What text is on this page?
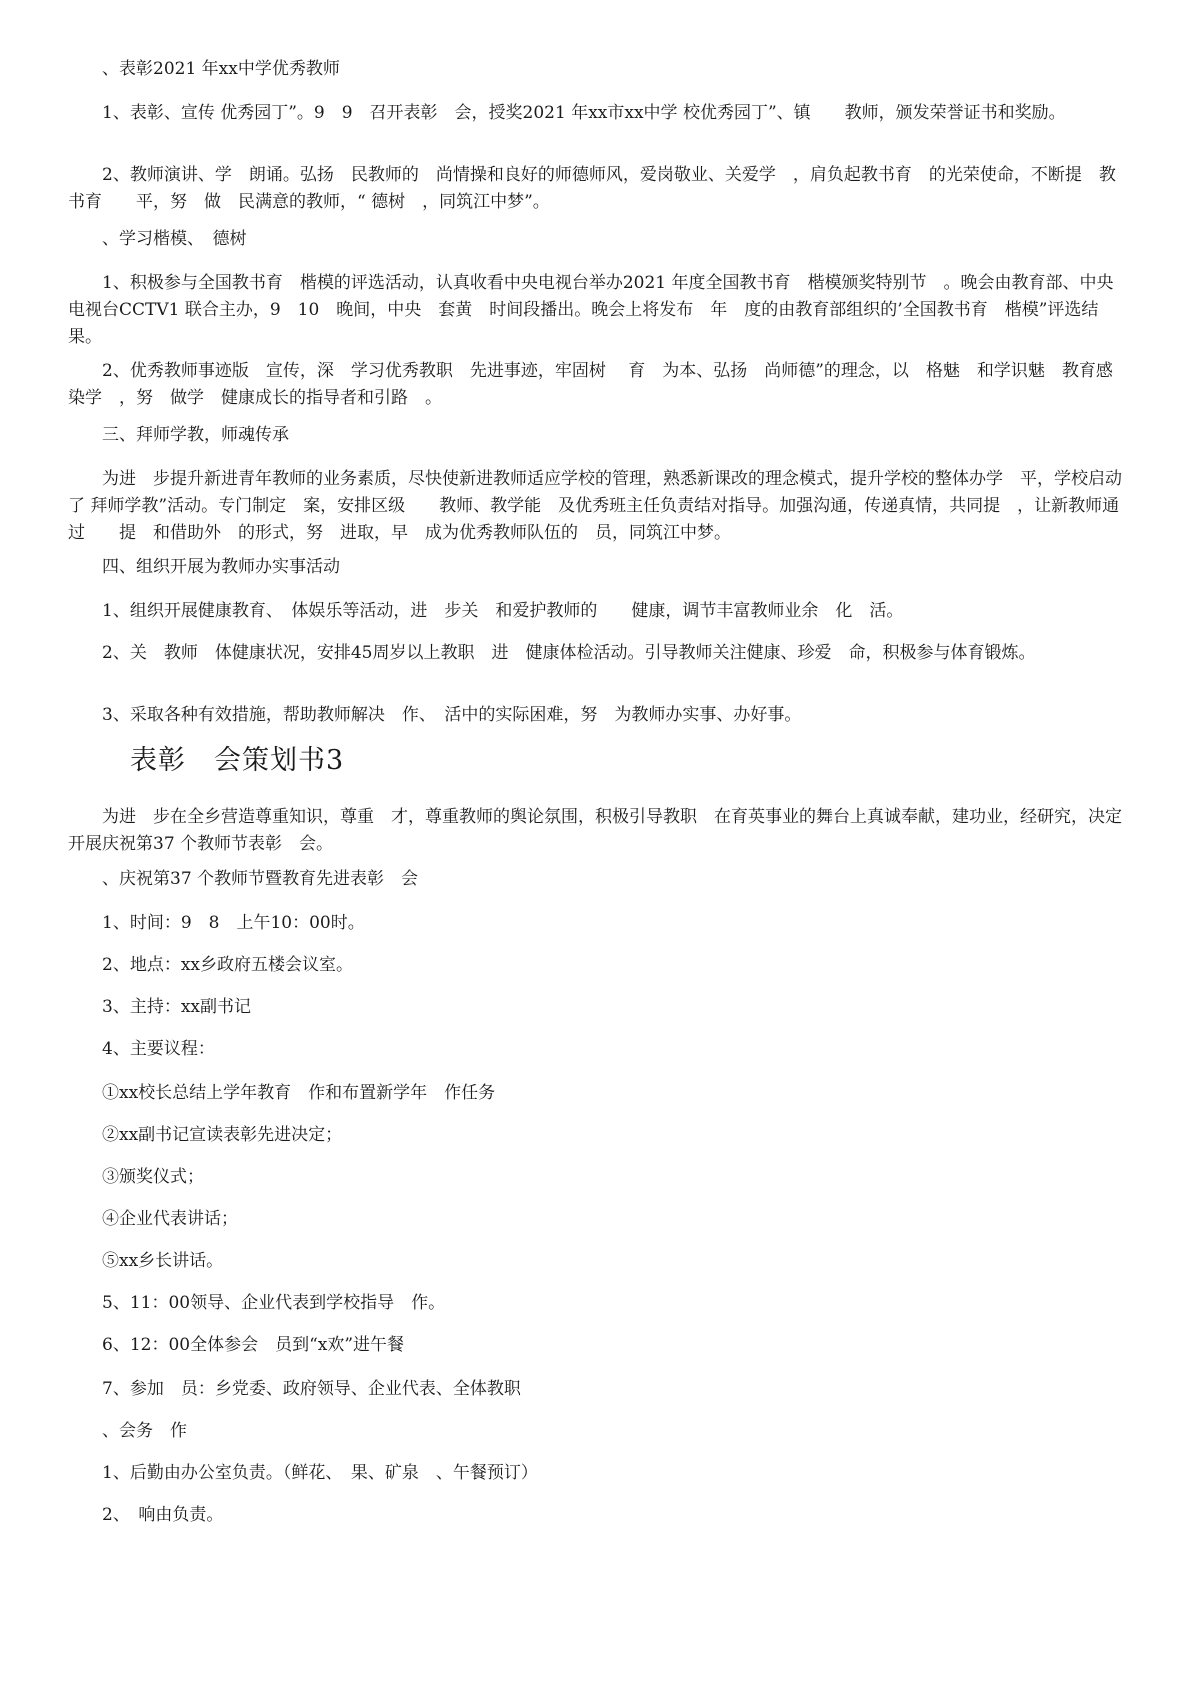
　　、表彰2021 年xx中学优秀教师

　　1、表彰、宣传 优秀园丁”。9　9　召开表彰　会，授奖2021 年xx市xx中学 校优秀园丁”、镇　　教师，颁发荣誉证书和奖励。

　　2、教师演讲、学　朗诵。弘扬　民教师的　尚情操和良好的师德师风，爱岗敬业、关爱学　，肩负起教书育　的光荣使命，不断提　教书育　　平，努　做　民满意的教师，“ 德树　，同筑江中梦”。

　　、学习楷模、　德树

　　1、积极参与全国教书育　楷模的评选活动，认真收看中央电视台举办2021 年度全国教书育　楷模颁奖特别节　。晚会由教育部、中央电视台CCTV1 联合主办，9　10　晚间，中央　套黄　时间段播出。晚会上将发布　年　度的由教育部组织的’全国教书育　楷模”评选结果。

　　2、优秀教师事迹版　宣传，深　学习优秀教职　先进事迹，牢固树　 育　为本、弘扬　尚师德”的理念，以　格魅　和学识魅　教育感染学　，努　做学　健康成长的指导者和引路　。

　　三、拜师学教，师魂传承

　　为进　步提升新进青年教师的业务素质，尽快使新进教师适应学校的管理，熟悉新课改的理念模式，提升学校的整体办学　平，学校启动了 拜师学教”活动。专门制定　案，安排区级　　教师、教学能　及优秀班主任负责结对指导。加强沟通，传递真情，共同提　，让新教师通过　　提　和借助外　的形式，努　进取，早　成为优秀教师队伍的　员，同筑江中梦。

　　四、组织开展为教师办实事活动

　　1、组织开展健康教育、　体娱乐等活动，进　步关　和爱护教师的　　健康，调节丰富教师业余　化　活。

　　2、关　教师　体健康状况，安排45周岁以上教职　进　健康体检活动。引导教师关注健康、珍爱　命，积极参与体育锻炼。

　　3、采取各种有效措施，帮助教师解决　作、　活中的实际困难，努　为教师办实事、办好事。

表彰　会策划书3

　　为进　步在全乡营造尊重知识，尊重　才，尊重教师的舆论氛围，积极引导教职　在育英事业的舞台上真诚奉献，建功业，经研究，决定开展庆祝第37 个教师节表彰　会。

　　、庆祝第37 个教师节暨教育先进表彰　会

　　1、时间：9　8　上午10：00时。

　　2、地点：xx乡政府五楼会议室。

　　3、主持：xx副书记

　　4、主要议程：

　　①xx校长总结上学年教育　作和布置新学年　作任务

　　②xx副书记宣读表彰先进决定；

　　③颁奖仪式；

　　④企业代表讲话；

　　⑤xx乡长讲话。

　　5、11：00领导、企业代表到学校指导　作。

　　6、12：00全体参会　员到“x欢”进午餐

　　7、参加　员：乡党委、政府领导、企业代表、全体教职

　　、会务　作

　　1、后勤由办公室负责。（鲜花、　果、矿泉　、午餐预订）

　　2、　响由负责。
